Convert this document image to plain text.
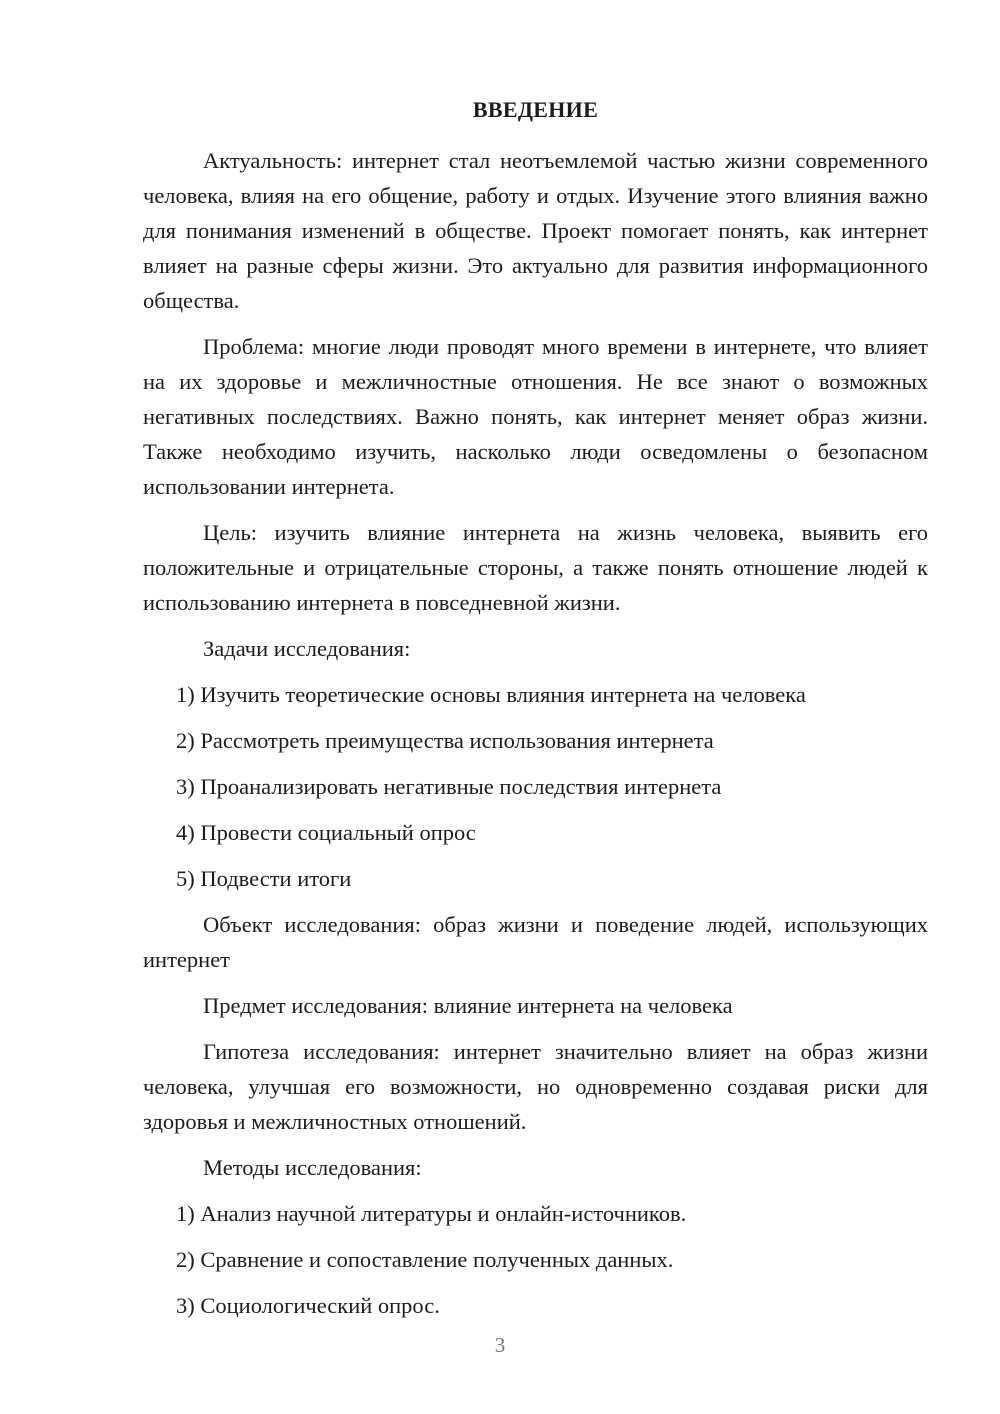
ВВЕДЕНИЕ

Актуальность: интернет стал неотъемлемой частью жизни современного человека, влияя на его общение, работу и отдых. Изучение этого влияния важно для понимания изменений в обществе. Проект помогает понять, как интернет влияет на разные сферы жизни. Это актуально для развития информационного общества.

Проблема: многие люди проводят много времени в интернете, что влияет на их здоровье и межличностные отношения. Не все знают о возможных негативных последствиях. Важно понять, как интернет меняет образ жизни. Также необходимо изучить, насколько люди осведомлены о безопасном использовании интернета.

Цель: изучить влияние интернета на жизнь человека, выявить его положительные и отрицательные стороны, а также понять отношение людей к использованию интернета в повседневной жизни.

Задачи исследования:

1) Изучить теоретические основы влияния интернета на человека
2) Рассмотреть преимущества использования интернета
3) Проанализировать негативные последствия интернета
4) Провести социальный опрос
5) Подвести итоги

Объект исследования: образ жизни и поведение людей, использующих интернет

Предмет исследования: влияние интернета на человека

Гипотеза исследования: интернет значительно влияет на образ жизни человека, улучшая его возможности, но одновременно создавая риски для здоровья и межличностных отношений.

Методы исследования:

1) Анализ научной литературы и онлайн-источников.
2) Сравнение и сопоставление полученных данных.
3) Социологический опрос.
3
